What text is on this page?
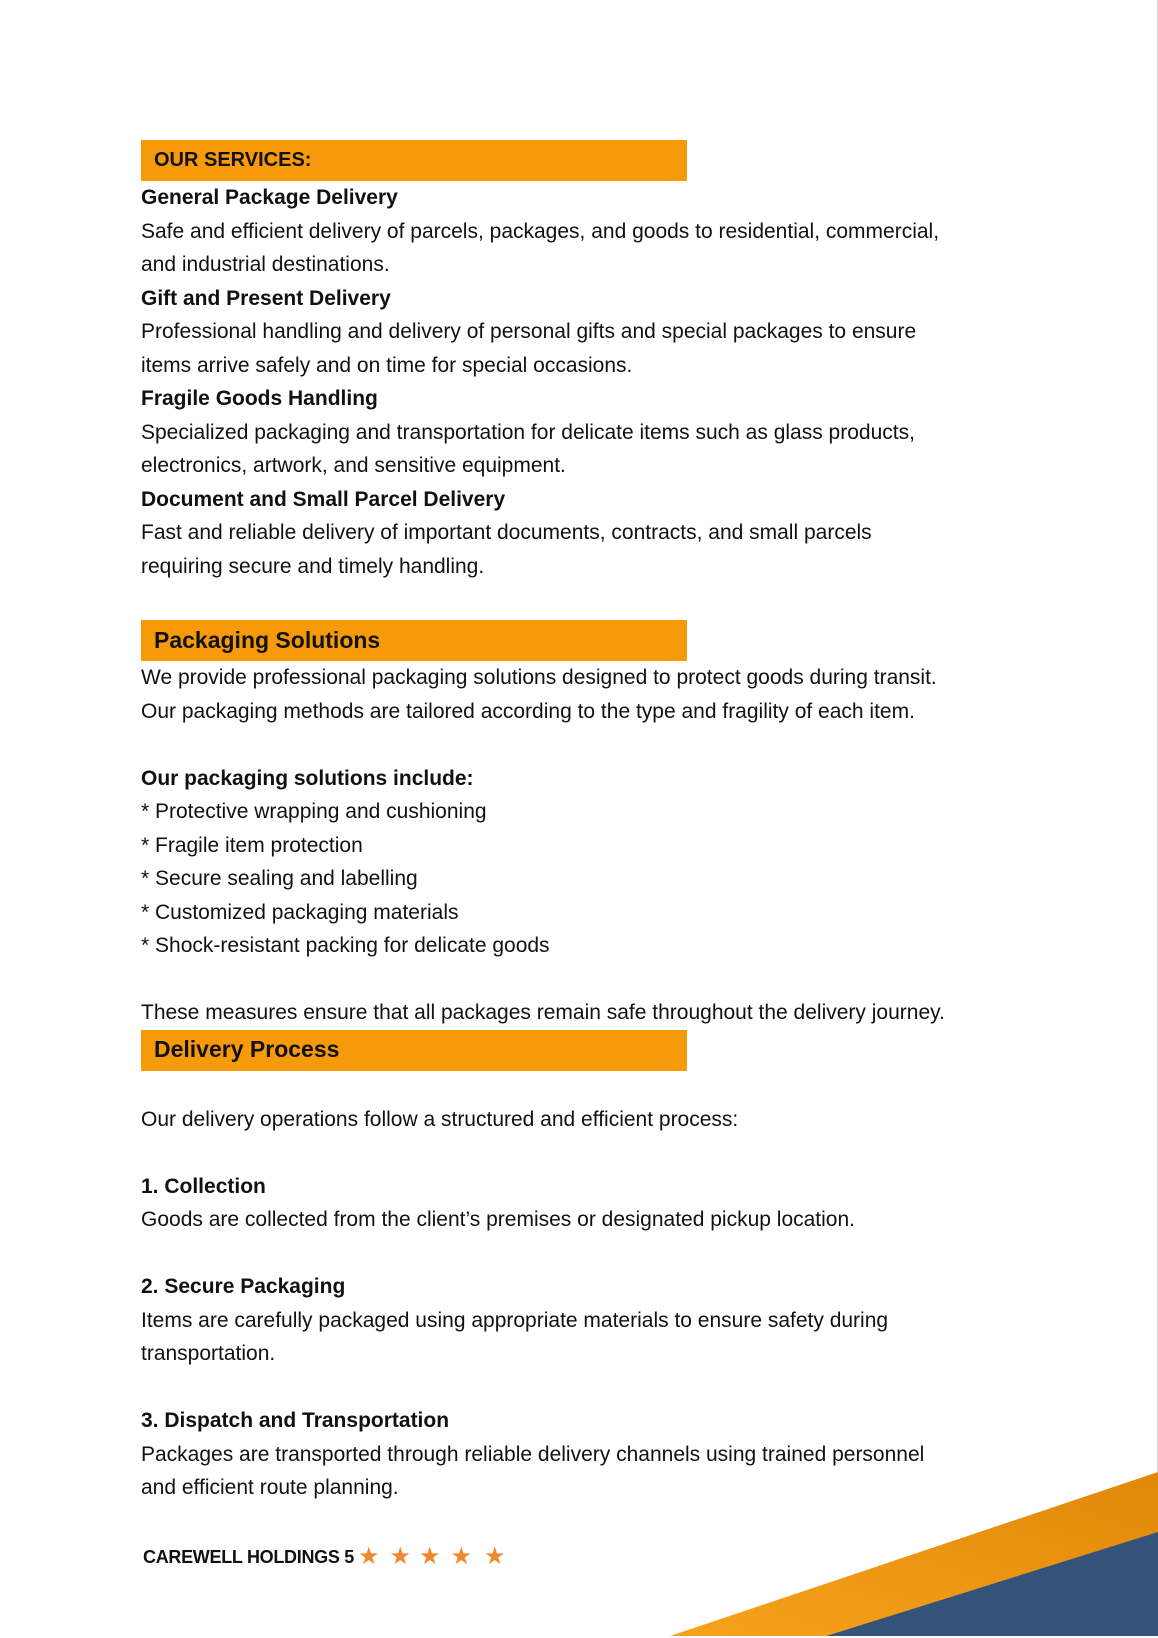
OUR SERVICES:

General Package Delivery

Safe and efficient delivery of parcels, packages, and goods to residential, commercial,

and industrial destinations.

Gift and Present Delivery

Professional handling and delivery of personal gifts and special packages to ensure

items arrive safely and on time for special occasions.

Fragile Goods Handling

Specialized packaging and transportation for delicate items such as glass products,

electronics, artwork, and sensitive equipment.

Document and Small Parcel Delivery

Fast and reliable delivery of important documents, contracts, and small parcels

requiring secure and timely handling.

Packaging Solutions

We provide professional packaging solutions designed to protect goods during transit.

Our packaging methods are tailored according to the type and fragility of each item.

Our packaging solutions include:

* Protective wrapping and cushioning
* Fragile item protection
* Secure sealing and labelling
* Customized packaging materials
* Shock-resistant packing for delicate goods

These measures ensure that all packages remain safe throughout the delivery journey.

Delivery Process

Our delivery operations follow a structured and efficient process:

1. Collection

Goods are collected from the client’s premises or designated pickup location.

2. Secure Packaging

Items are carefully packaged using appropriate materials to ensure safety during

transportation.

3. Dispatch and Transportation

Packages are transported through reliable delivery channels using trained personnel

and efficient route planning.

CAREWELL HOLDINGS 5 ★ ★ ★ ★ ★
